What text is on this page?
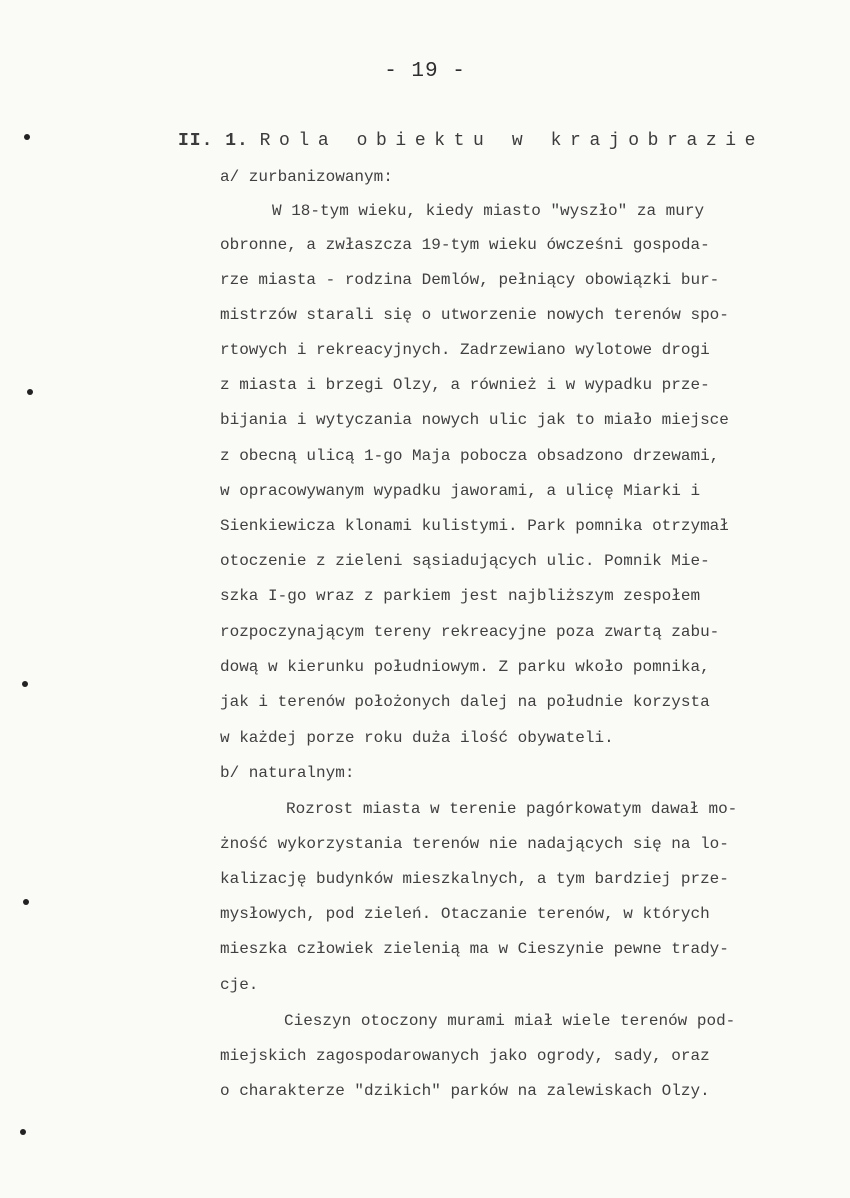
- 19 -
II. 1. Rola obiektu w krajobrazie
a/ zurbanizowanym:
W 18-tym wieku, kiedy miasto "wyszło" za mury
obronne, a zwłaszcza 19-tym wieku ówcześni gospoda-
rze miasta - rodzina Demlów, pełniący obowiązki bur-
mistrzów starali się o utworzenie nowych terenów spo-
rtowych i rekreacyjnych. Zadrzewiano wylotowe drogi
z miasta i brzegi Olzy, a również i w wypadku prze-
bijania i wytyczania nowych ulic jak to miało miejsce
z obecną ulicą 1-go Maja pobocza obsadzono drzewami,
w opracowywanym wypadku jaworami, a ulicę Miarki i
Sienkiewicza klonami kulistymi. Park pomnika otrzymał
otoczenie z zieleni sąsiadujących ulic. Pomnik Mie-
szka I-go wraz z parkiem jest najbliższym zespołem
rozpoczynającym tereny rekreacyjne poza zwartą zabu-
dową w kierunku południowym. Z parku wkoło pomnika,
jak i terenów położonych dalej na południe korzysta
w każdej porze roku duża ilość obywateli.
b/ naturalnym:
Rozrost miasta w terenie pagórkowatym dawał mo-
żność wykorzystania terenów nie nadających się na lo-
kalizację budynków mieszkalnych, a tym bardziej prze-
mysłowych, pod zieleń. Otaczanie terenów, w których
mieszka człowiek zielenią ma w Cieszynie pewne trady-
cje.
Cieszyn otoczony murami miał wiele terenów pod-
miejskich zagospodarowanych jako ogrody, sady, oraz
o charakterze "dzikich" parków na zalewiskach Olzy.
